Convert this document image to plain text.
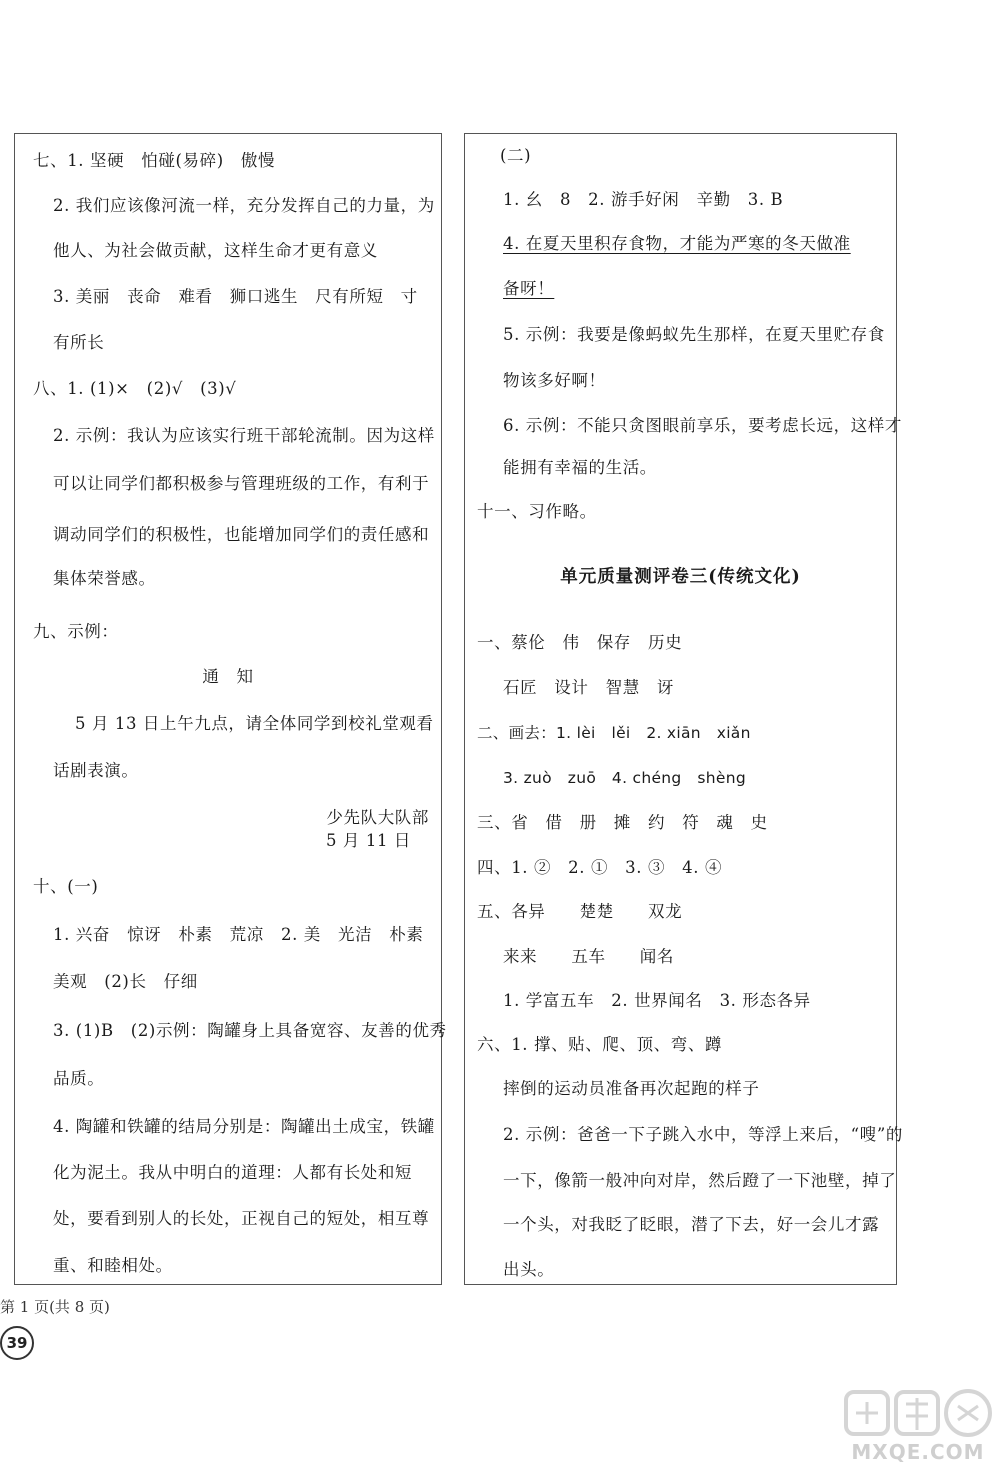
七、1. 坚硬　怕碰(易碎)　傲慢
2. 我们应该像河流一样，充分发挥自己的力量，为
他人、为社会做贡献，这样生命才更有意义
3. 美丽　丧命　难看　狮口逃生　尺有所短　寸
有所长
八、1. (1)×　(2)√　(3)√
2. 示例：我认为应该实行班干部轮流制。因为这样
可以让同学们都积极参与管理班级的工作，有利于
调动同学们的积极性，也能增加同学们的责任感和
集体荣誉感。
九、示例：
通　知
5 月 13 日上午九点，请全体同学到校礼堂观看
话剧表演。
少先队大队部
5 月 11 日
十、(一)
1. 兴奋　惊讶　朴素　荒凉　2. 美　光洁　朴素
美观　(2)长　仔细
3. (1)B　(2)示例：陶罐身上具备宽容、友善的优秀
品质。
4. 陶罐和铁罐的结局分别是：陶罐出土成宝，铁罐
化为泥土。我从中明白的道理：人都有长处和短
处，要看到别人的长处，正视自己的短处，相互尊
重、和睦相处。
(二)
1. 幺　8　2. 游手好闲　辛勤　3. B
4. 在夏天里积存食物，才能为严寒的冬天做准
备呀！
5. 示例：我要是像蚂蚁先生那样，在夏天里贮存食
物该多好啊！
6. 示例：不能只贪图眼前享乐，要考虑长远，这样才
能拥有幸福的生活。
十一、习作略。
单元质量测评卷三(传统文化)
一、蔡伦　伟　保存　历史
石匠　设计　智慧　讶
二、画去：1. lèi　lěi　2. xiān　xiǎn
3. zuò　zuō　4. chéng　shèng
三、省　借　册　摊　约　符　魂　史
四、1. ②　2. ①　3. ③　4. ④
五、各异　　楚楚　　双龙
来来　　五车　　闻名
1. 学富五车　2. 世界闻名　3. 形态各异
六、1. 撑、贴、爬、顶、弯、蹲
摔倒的运动员准备再次起跑的样子
2. 示例：爸爸一下子跳入水中，等浮上来后，“嗖”的
一下，像箭一般冲向对岸，然后蹬了一下池壁，掉了
一个头，对我眨了眨眼，潜了下去，好一会儿才露
出头。
第 1 页(共 8 页)
39
MXQE.COM
